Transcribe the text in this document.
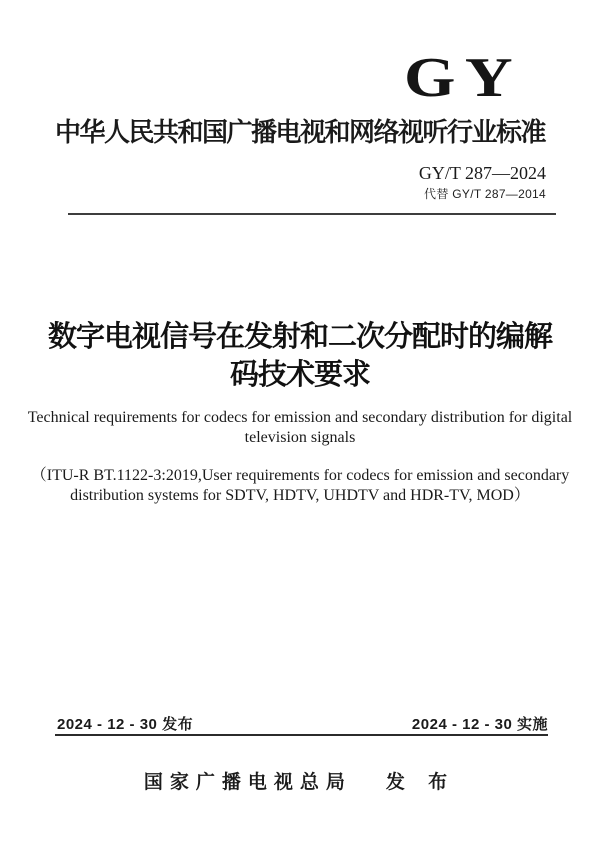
GY
中华人民共和国广播电视和网络视听行业标准
GY/T 287—2024
代替 GY/T 287—2014
数字电视信号在发射和二次分配时的编解
码技术要求
Technical requirements for codecs for emission and secondary distribution for digital
television signals
（ITU-R BT.1122-3:2019,User requirements for codecs for emission and secondary
distribution systems for SDTV, HDTV, UHDTV and HDR-TV, MOD）
2024 - 12 - 30 发布	2024 - 12 - 30 实施
国家广播电视总局 发 布
